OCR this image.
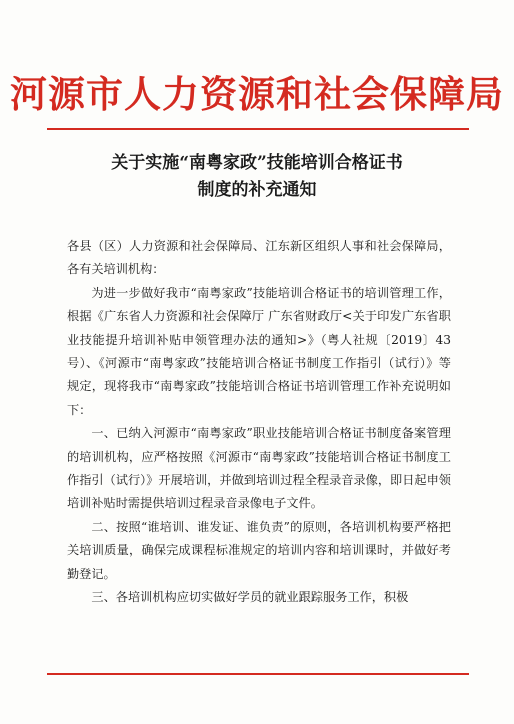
河源市人力资源和社会保障局
关于实施“南粤家政”技能培训合格证书
制度的补充通知

各县（区）人力资源和社会保障局、江东新区组织人事和社会保障局，各有关培训机构：

为进一步做好我市“南粤家政”技能培训合格证书的培训管理工作，根据《广东省人力资源和社会保障厅 广东省财政厅<关于印发广东省职业技能提升培训补贴申领管理办法的通知>》（粤人社规〔2019〕43号）、《河源市“南粤家政”技能培训合格证书制度工作指引（试行）》等规定，现将我市“南粤家政”技能培训合格证书培训管理工作补充说明如下：

一、已纳入河源市“南粤家政”职业技能培训合格证书制度备案管理的培训机构，应严格按照《河源市“南粤家政”技能培训合格证书制度工作指引（试行）》开展培训，并做到培训过程全程录音录像，即日起申领培训补贴时需提供培训过程录音录像电子文件。

二、按照“谁培训、谁发证、谁负责”的原则，各培训机构要严格把关培训质量，确保完成课程标准规定的培训内容和培训课时，并做好考勤登记。

三、各培训机构应切实做好学员的就业跟踪服务工作，积极
